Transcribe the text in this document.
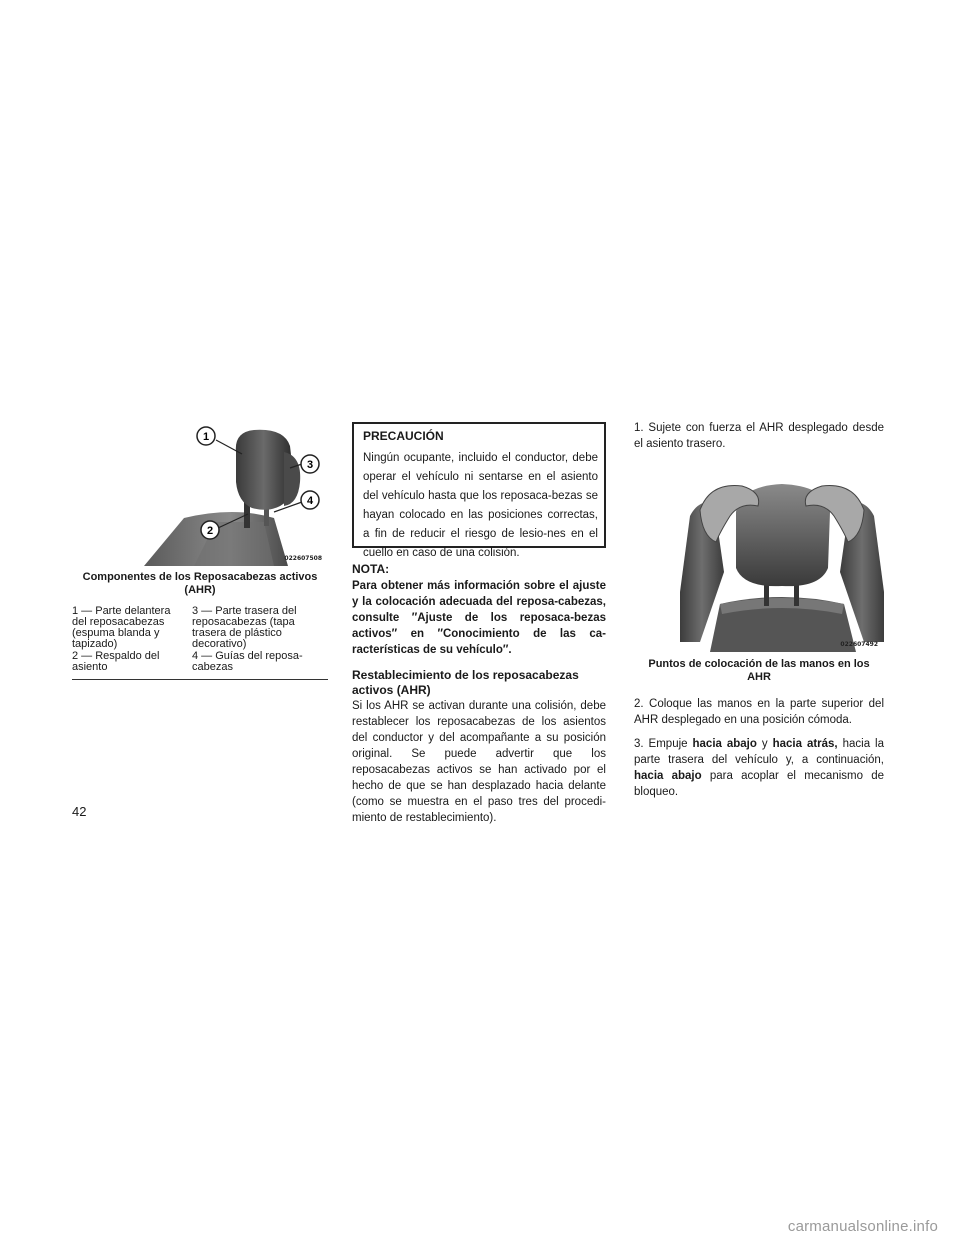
1
3
4
2
022607508
Componentes de los Reposacabezas activos
(AHR)
1 — Parte delantera del reposacabezas (espuma blanda y tapizado)
3 — Parte trasera del reposacabezas (tapa trasera de plástico decorativo)
2 — Respaldo del asiento
4 — Guías del reposa-cabezas
PRECAUCIÓN
Ningún ocupante, incluido el conductor, debe operar el vehículo ni sentarse en el asiento del vehículo hasta que los reposaca-bezas se hayan colocado en las posiciones correctas, a fin de reducir el riesgo de lesio-nes en el cuello en caso de una colisión.
NOTA:
Para obtener más información sobre el ajuste y la colocación adecuada del reposa-cabezas, consulte ″Ajuste de los reposaca-bezas activos″ en ″Conocimiento de las ca-racterísticas de su vehículo″.
Restablecimiento de los reposacabezas
activos (AHR)
Si los AHR se activan durante una colisión, debe restablecer los reposacabezas de los asientos del conductor y del acompañante a su posición original. Se puede advertir que los reposacabezas activos se han activado por el hecho de que se han desplazado hacia delante (como se muestra en el paso tres del procedi-miento de restablecimiento).
1. Sujete con fuerza el AHR desplegado desde el asiento trasero.
022607492
Puntos de colocación de las manos en los
AHR
2. Coloque las manos en la parte superior del AHR desplegado en una posición cómoda.
3. Empuje hacia abajo y hacia atrás, hacia la parte trasera del vehículo y, a continuación, hacia abajo para acoplar el mecanismo de bloqueo.
42
carmanualsonline.info
